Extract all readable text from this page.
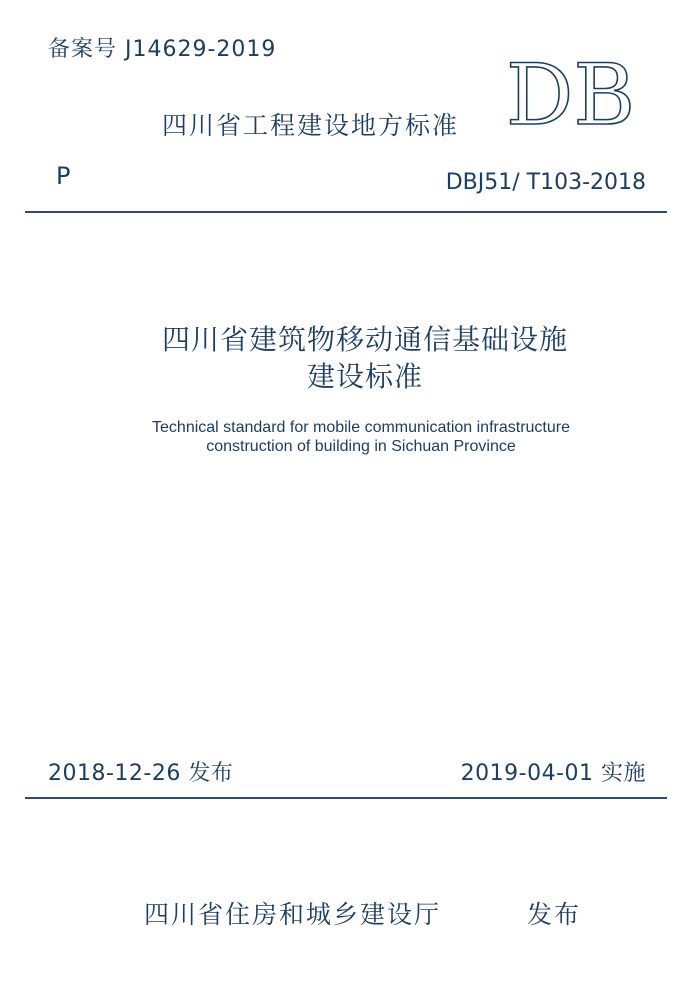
备案号 J14629-2019
四川省工程建设地方标准 DB
P	DBJ51/ T103-2018
四川省建筑物移动通信基础设施
建设标准
Technical standard for mobile communication infrastructure
construction of building in Sichuan Province
2018-12-26 发布	2019-04-01 实施
四川省住房和城乡建设厅	发布
